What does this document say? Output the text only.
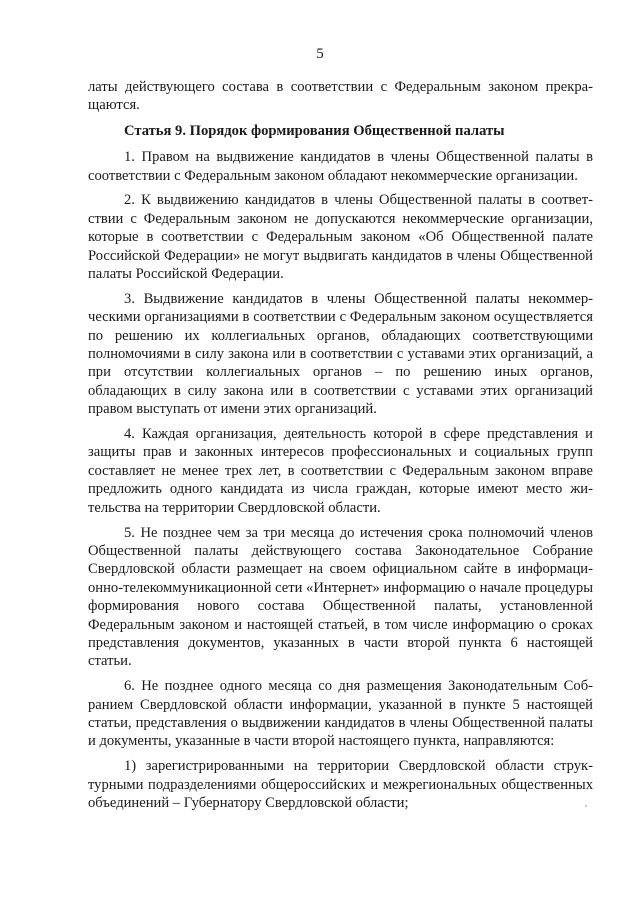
5

латы действующего состава в соответствии с Федеральным законом прекращаются.

Статья 9. Порядок формирования Общественной палаты

1. Правом на выдвижение кандидатов в члены Общественной палаты в соответствии с Федеральным законом обладают некоммерческие организации.

2. К выдвижению кандидатов в члены Общественной палаты в соответствии с Федеральным законом не допускаются некоммерческие организации, которые в соответствии с Федеральным законом «Об Общественной палате Российской Федерации» не могут выдвигать кандидатов в члены Общественной палаты Российской Федерации.

3. Выдвижение кандидатов в члены Общественной палаты некоммерческими организациями в соответствии с Федеральным законом осуществляется по решению их коллегиальных органов, обладающих соответствующими полномочиями в силу закона или в соответствии с уставами этих организаций, а при отсутствии коллегиальных органов – по решению иных органов, обладающих в силу закона или в соответствии с уставами этих организаций правом выступать от имени этих организаций.

4. Каждая организация, деятельность которой в сфере представления и защиты прав и законных интересов профессиональных и социальных групп составляет не менее трех лет, в соответствии с Федеральным законом вправе предложить одного кандидата из числа граждан, которые имеют место жительства на территории Свердловской области.

5. Не позднее чем за три месяца до истечения срока полномочий членов Общественной палаты действующего состава Законодательное Собрание Свердловской области размещает на своем официальном сайте в информационно-телекоммуникационной сети «Интернет» информацию о начале процедуры формирования нового состава Общественной палаты, установленной Федеральным законом и настоящей статьей, в том числе информацию о сроках представления документов, указанных в части второй пункта 6 настоящей статьи.

6. Не позднее одного месяца со дня размещения Законодательным Собранием Свердловской области информации, указанной в пункте 5 настоящей статьи, представления о выдвижении кандидатов в члены Общественной палаты и документы, указанные в части второй настоящего пункта, направляются:

1) зарегистрированными на территории Свердловской области структурными подразделениями общероссийских и межрегиональных общественных объединений – Губернатору Свердловской области;
